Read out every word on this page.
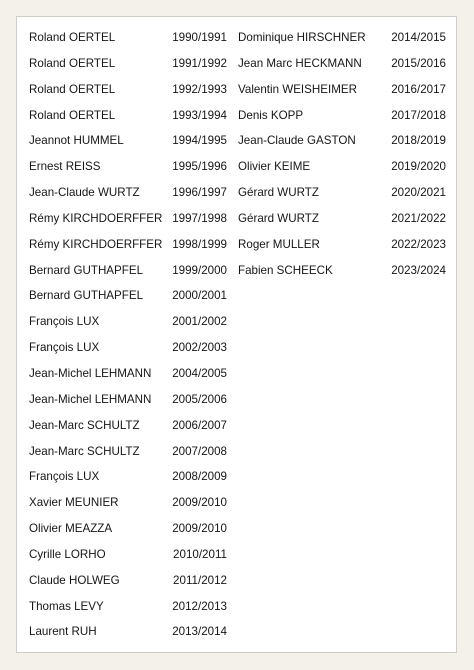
Roland OERTEL	1990/1991
Roland OERTEL	1991/1992
Roland OERTEL	1992/1993
Roland OERTEL	1993/1994
Jeannot HUMMEL	1994/1995
Ernest REISS	1995/1996
Jean-Claude WURTZ	1996/1997
Rémy KIRCHDOERFFER 1997/1998
Rémy KIRCHDOERFFER 1998/1999
Bernard GUTHAPFEL	1999/2000
Bernard GUTHAPFEL	2000/2001
François LUX	2001/2002
François LUX	2002/2003
Jean-Michel LEHMANN 2004/2005
Jean-Michel LEHMANN 2005/2006
Jean-Marc SCHULTZ	2006/2007
Jean-Marc SCHULTZ	2007/2008
François LUX	2008/2009
Xavier MEUNIER	2009/2010
Olivier MEAZZA	2009/2010
Cyrille LORHO	2010/2011
Claude HOLWEG	2011/2012
Thomas LEVY	2012/2013
Laurent RUH	2013/2014
Dominique HIRSCHNER 2014/2015
Jean Marc HECKMANN	2015/2016
Valentin WEISHEIMER	2016/2017
Denis KOPP	2017/2018
Jean-Claude GASTON	2018/2019
Olivier KEIME	2019/2020
Gérard WURTZ	2020/2021
Gérard WURTZ	2021/2022
Roger MULLER	2022/2023
Fabien SCHEECK	2023/2024
